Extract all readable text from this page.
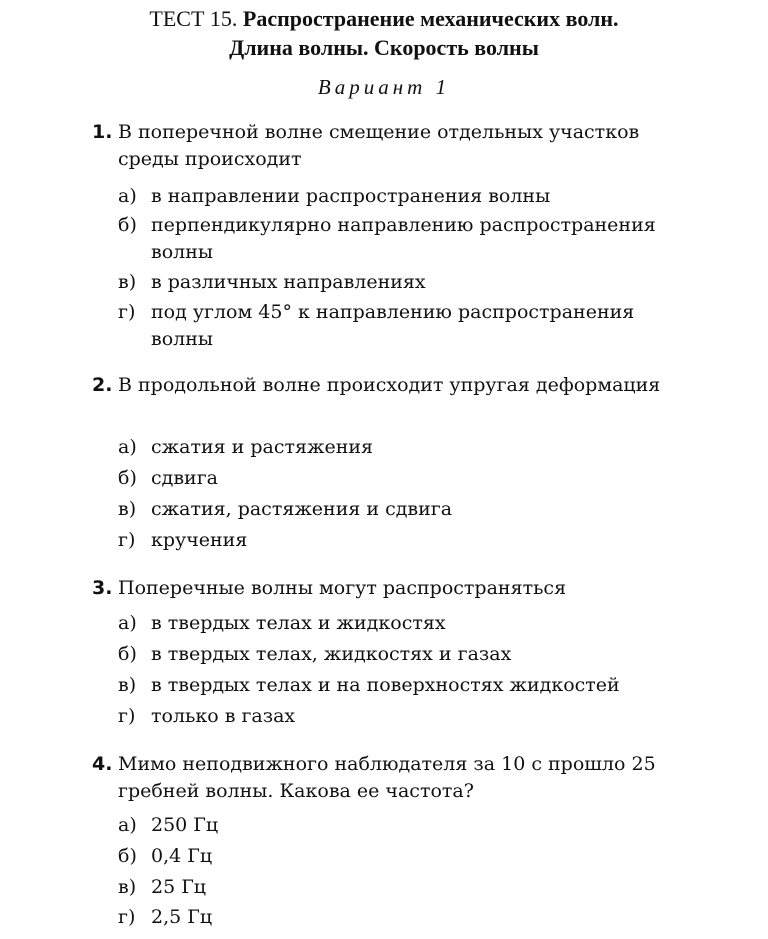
ТЕСТ 15. Распространение механических волн.
Длина волны. Скорость волны
Вариант 1
1. В поперечной волне смещение отдельных участков среды происходит
а) в направлении распространения волны
б) перпендикулярно направлению распространения волны
в) в различных направлениях
г) под углом 45° к направлению распространения волны
2. В продольной волне происходит упругая деформация
а) сжатия и растяжения
б) сдвига
в) сжатия, растяжения и сдвига
г) кручения
3. Поперечные волны могут распространяться
а) в твердых телах и жидкостях
б) в твердых телах, жидкостях и газах
в) в твердых телах и на поверхностях жидкостей
г) только в газах
4. Мимо неподвижного наблюдателя за 10 с прошло 25 гребней волны. Какова ее частота?
а) 250 Гц
б) 0,4 Гц
в) 25 Гц
г) 2,5 Гц
